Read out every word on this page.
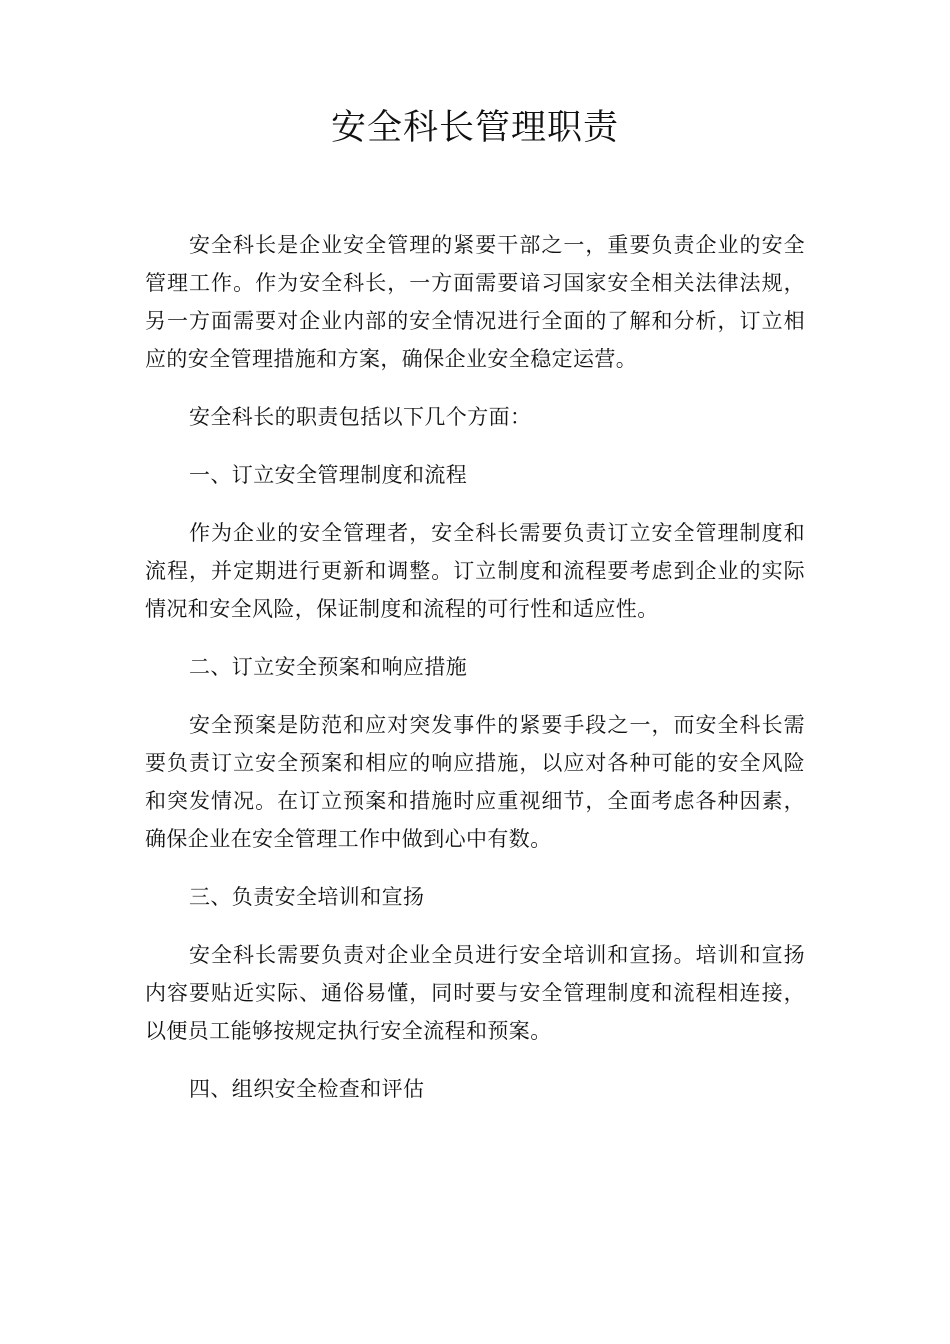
安全科长管理职责

安全科长是企业安全管理的紧要干部之一，重要负责企业的安全管理工作。作为安全科长，一方面需要谙习国家安全相关法律法规，另一方面需要对企业内部的安全情况进行全面的了解和分析，订立相应的安全管理措施和方案，确保企业安全稳定运营。

安全科长的职责包括以下几个方面：

一、订立安全管理制度和流程

作为企业的安全管理者，安全科长需要负责订立安全管理制度和流程，并定期进行更新和调整。订立制度和流程要考虑到企业的实际情况和安全风险，保证制度和流程的可行性和适应性。

二、订立安全预案和响应措施

安全预案是防范和应对突发事件的紧要手段之一，而安全科长需要负责订立安全预案和相应的响应措施，以应对各种可能的安全风险和突发情况。在订立预案和措施时应重视细节，全面考虑各种因素，确保企业在安全管理工作中做到心中有数。

三、负责安全培训和宣扬

安全科长需要负责对企业全员进行安全培训和宣扬。培训和宣扬内容要贴近实际、通俗易懂，同时要与安全管理制度和流程相连接，以便员工能够按规定执行安全流程和预案。

四、组织安全检查和评估
